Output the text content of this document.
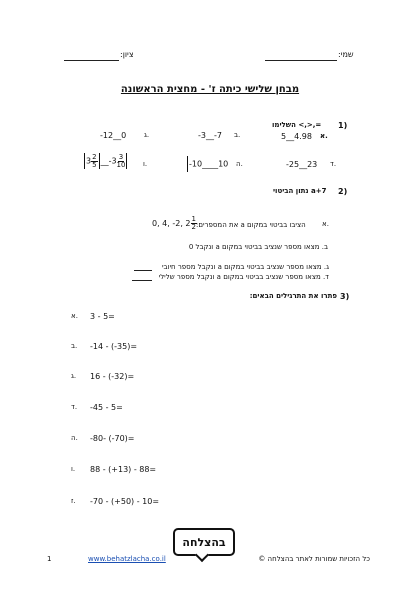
שמי:
ציון:
מבחן שלישי כיתה ז' - מחצית הראשונה
1)
השלימו <,>,=
א.
5__4.98
ב.
-3__-7
ג.
-12__0
ד.
-25__23
ה.
-10____10
ו.
$3 \frac{2}{5}$ __-3 $\frac{3}{10}$
2)
נתון הביטוי a+7
א.
הציבו בביטוי במקום a את המספרים:
0, 4, -2, $2 \frac{1}{2}$
ב. מצאו מספר שנציב בביטוי במקום a ונקבל 0
ג. מצאו מספר שנציב בביטוי במקום a ונקבל מספר חיובי
ד. מצאו מספר שנציב בביטוי במקום a ונקבל מספר שלילי
3)
פתרו את התרגילים הבאים:
א. 3 - 5=
ב. -14 - (-35)=
ג. 16 - (-32)=
ד. -45 - 5=
ה. -80- (-70)=
ו. 88 - (+13) - 88=
ז. -70 - (+50) - 10=
בהצלחה
1	www.behatzlacha.co.il	כל הזכויות שמורות לאתר בהצלחה ©
